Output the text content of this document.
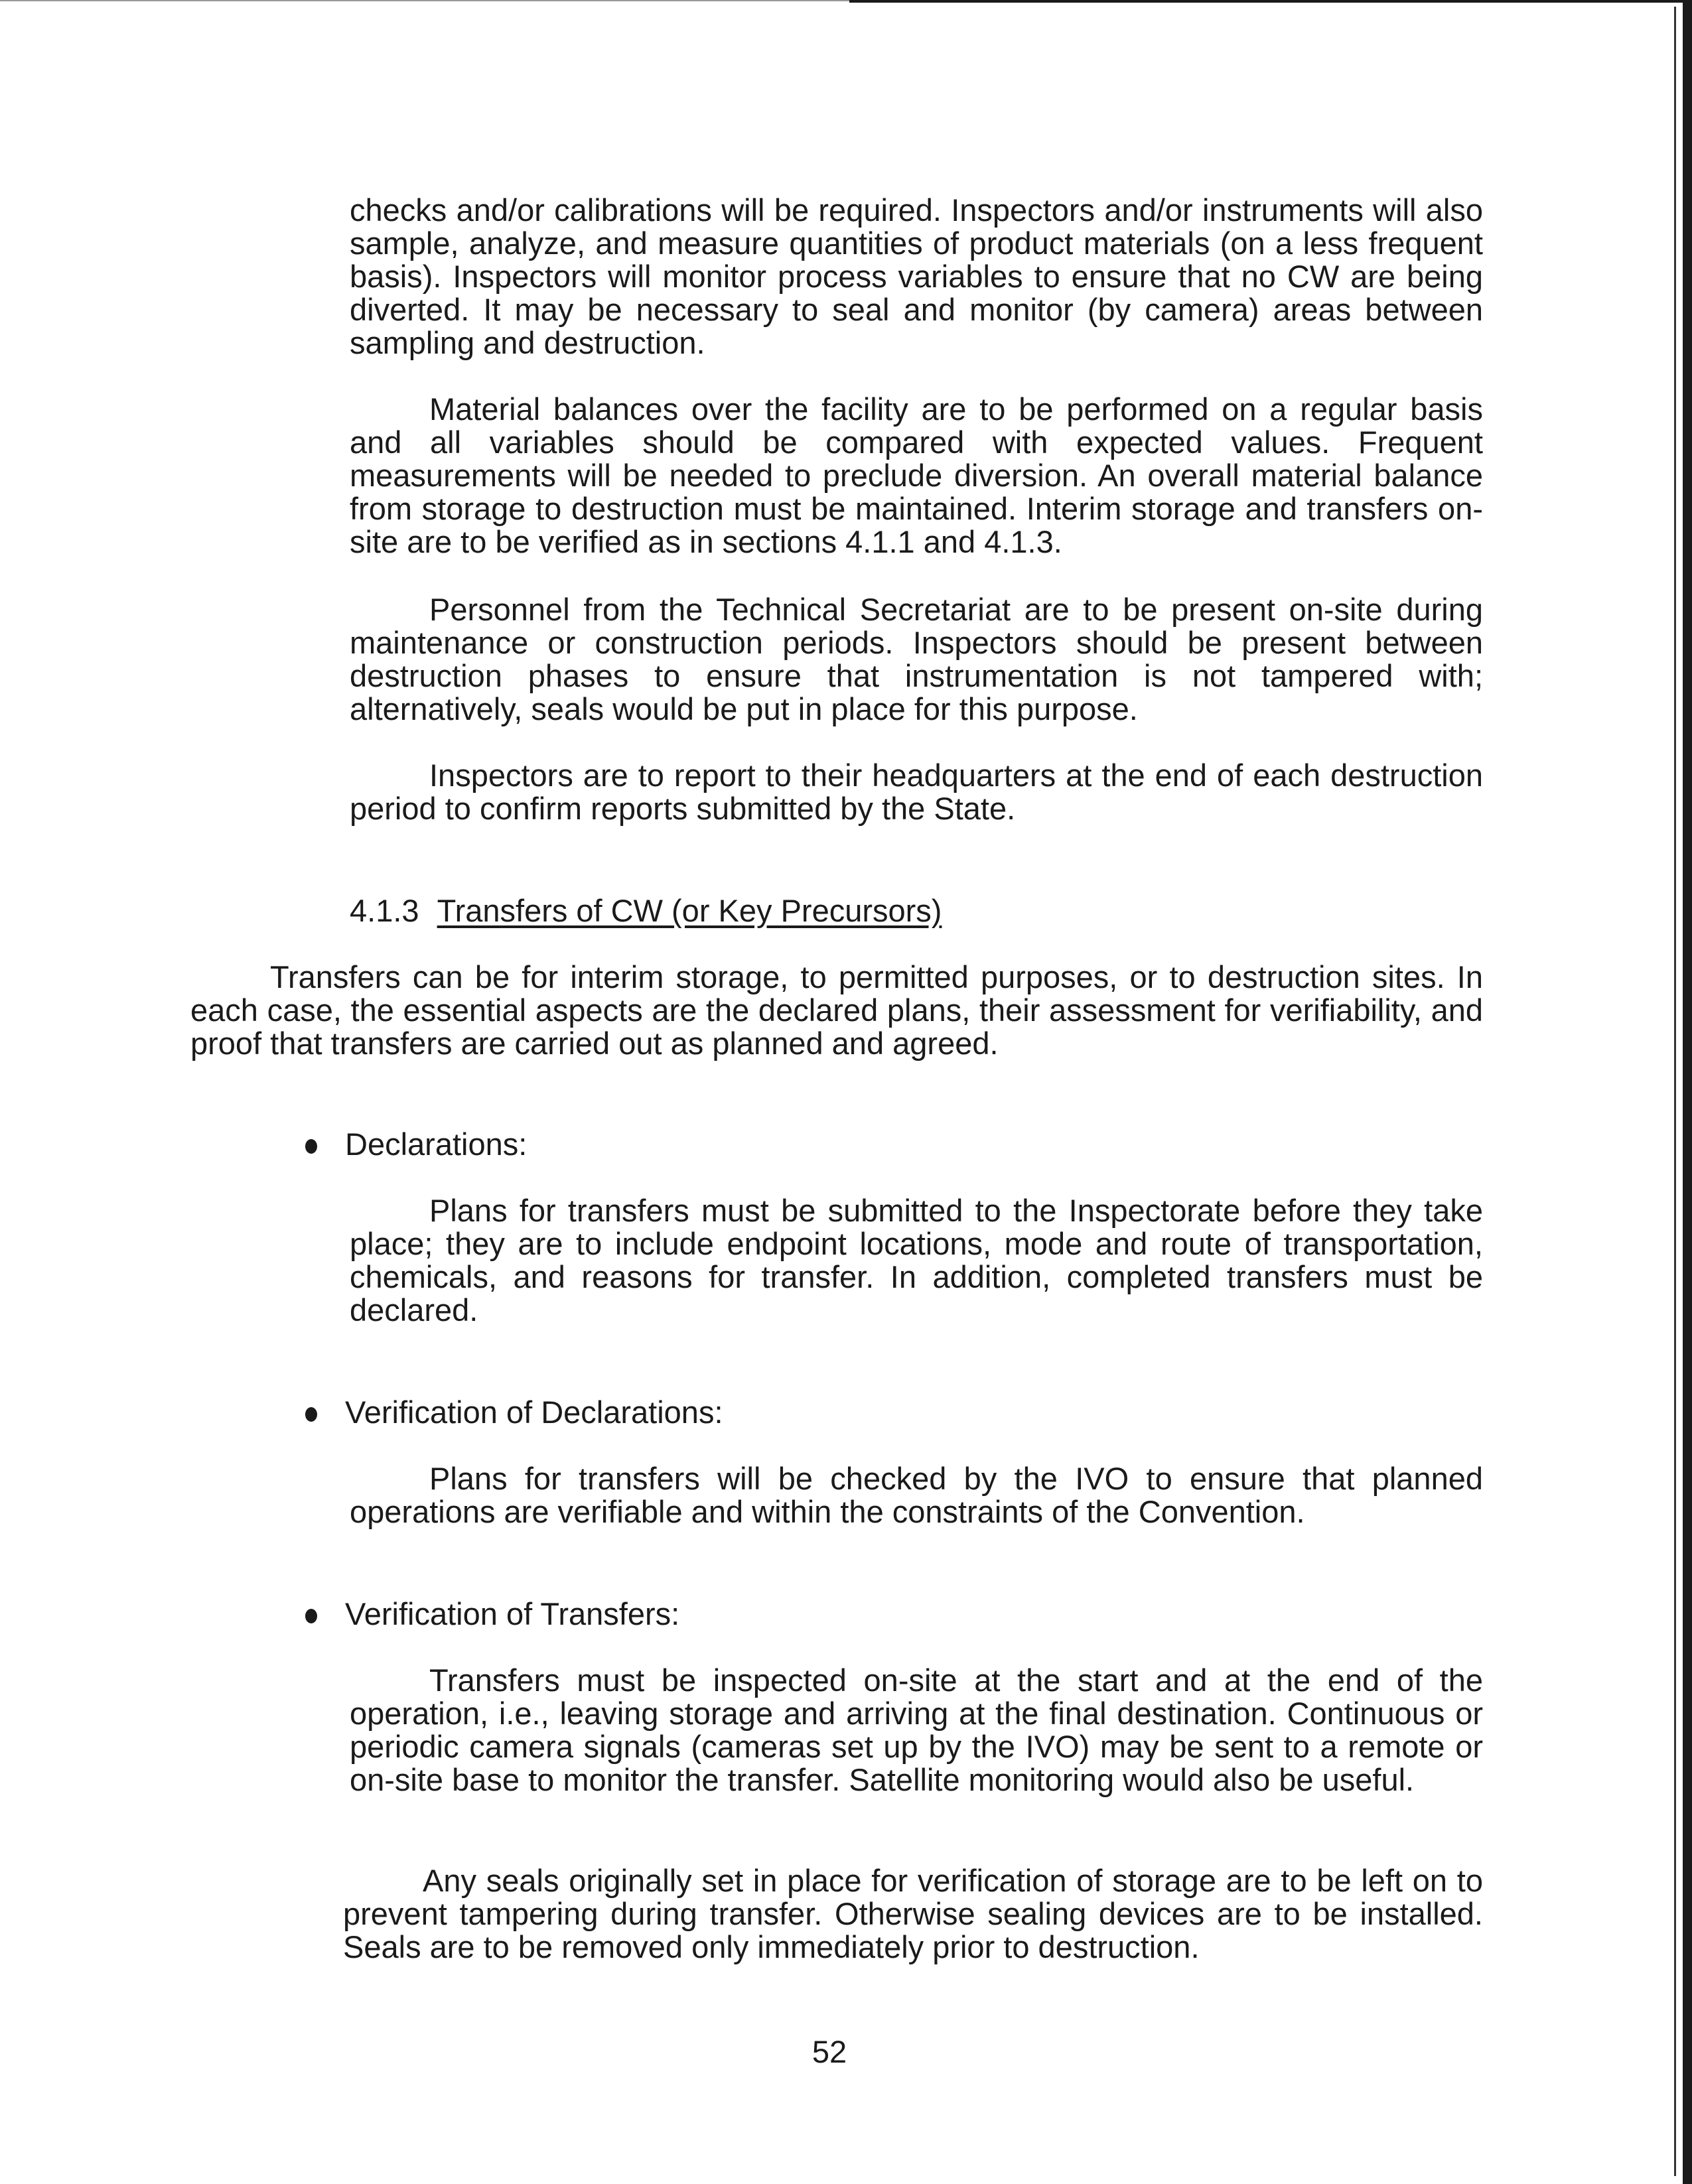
checks and/or calibrations will be required. Inspectors and/or instruments will also sample, analyze, and measure quantities of product materials (on a less frequent basis). Inspectors will monitor process variables to ensure that no CW are being diverted. It may be necessary to seal and monitor (by camera) areas between sampling and destruction.

Material balances over the facility are to be performed on a regular basis and all variables should be compared with expected values. Frequent measurements will be needed to preclude diversion. An overall material balance from storage to destruction must be maintained. Interim storage and transfers on-site are to be verified as in sections 4.1.1 and 4.1.3.

Personnel from the Technical Secretariat are to be present on-site during maintenance or construction periods. Inspectors should be present between destruction phases to ensure that instrumentation is not tampered with; alternatively, seals would be put in place for this purpose.

Inspectors are to report to their headquarters at the end of each destruction period to confirm reports submitted by the State.

4.1.3 Transfers of CW (or Key Precursors)

Transfers can be for interim storage, to permitted purposes, or to destruction sites. In each case, the essential aspects are the declared plans, their assessment for verifiability, and proof that transfers are carried out as planned and agreed.

Declarations:

Plans for transfers must be submitted to the Inspectorate before they take place; they are to include endpoint locations, mode and route of transportation, chemicals, and reasons for transfer. In addition, completed transfers must be declared.

Verification of Declarations:

Plans for transfers will be checked by the IVO to ensure that planned operations are verifiable and within the constraints of the Convention.

Verification of Transfers:

Transfers must be inspected on-site at the start and at the end of the operation, i.e., leaving storage and arriving at the final destination. Continuous or periodic camera signals (cameras set up by the IVO) may be sent to a remote or on-site base to monitor the transfer. Satellite monitoring would also be useful.

Any seals originally set in place for verification of storage are to be left on to prevent tampering during transfer. Otherwise sealing devices are to be installed. Seals are to be removed only immediately prior to destruction.

52
